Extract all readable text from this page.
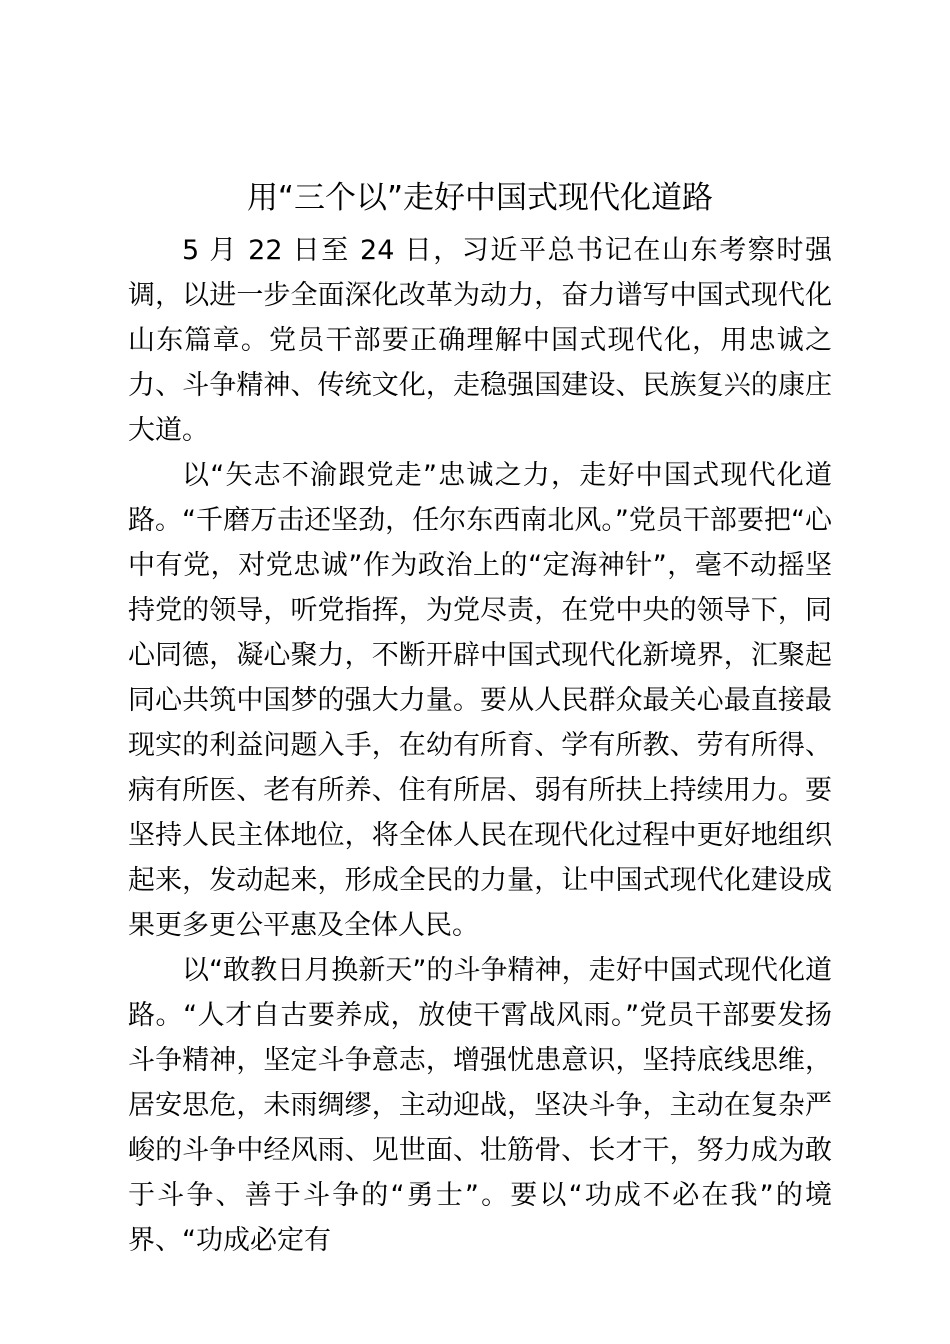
用“三个以”走好中国式现代化道路

5 月 22 日至 24 日，习近平总书记在山东考察时强调，以进一步全面深化改革为动力，奋力谱写中国式现代化山东篇章。党员干部要正确理解中国式现代化，用忠诚之力、斗争精神、传统文化，走稳强国建设、民族复兴的康庄大道。

以“矢志不渝跟党走”忠诚之力，走好中国式现代化道路。“千磨万击还坚劲，任尔东西南北风。”党员干部要把“心中有党，对党忠诚”作为政治上的“定海神针”，毫不动摇坚持党的领导，听党指挥，为党尽责，在党中央的领导下，同心同德，凝心聚力，不断开辟中国式现代化新境界，汇聚起同心共筑中国梦的强大力量。要从人民群众最关心最直接最现实的利益问题入手，在幼有所育、学有所教、劳有所得、病有所医、老有所养、住有所居、弱有所扶上持续用力。要坚持人民主体地位，将全体人民在现代化过程中更好地组织起来，发动起来，形成全民的力量，让中国式现代化建设成果更多更公平惠及全体人民。

以“敢教日月换新天”的斗争精神，走好中国式现代化道路。“人才自古要养成，放使干霄战风雨。”党员干部要发扬斗争精神，坚定斗争意志，增强忧患意识，坚持底线思维，居安思危，未雨绸缪，主动迎战，坚决斗争，主动在复杂严峻的斗争中经风雨、见世面、壮筋骨、长才干，努力成为敢于斗争、善于斗争的“勇士”。要以“功成不必在我”的境界、“功成必定有
